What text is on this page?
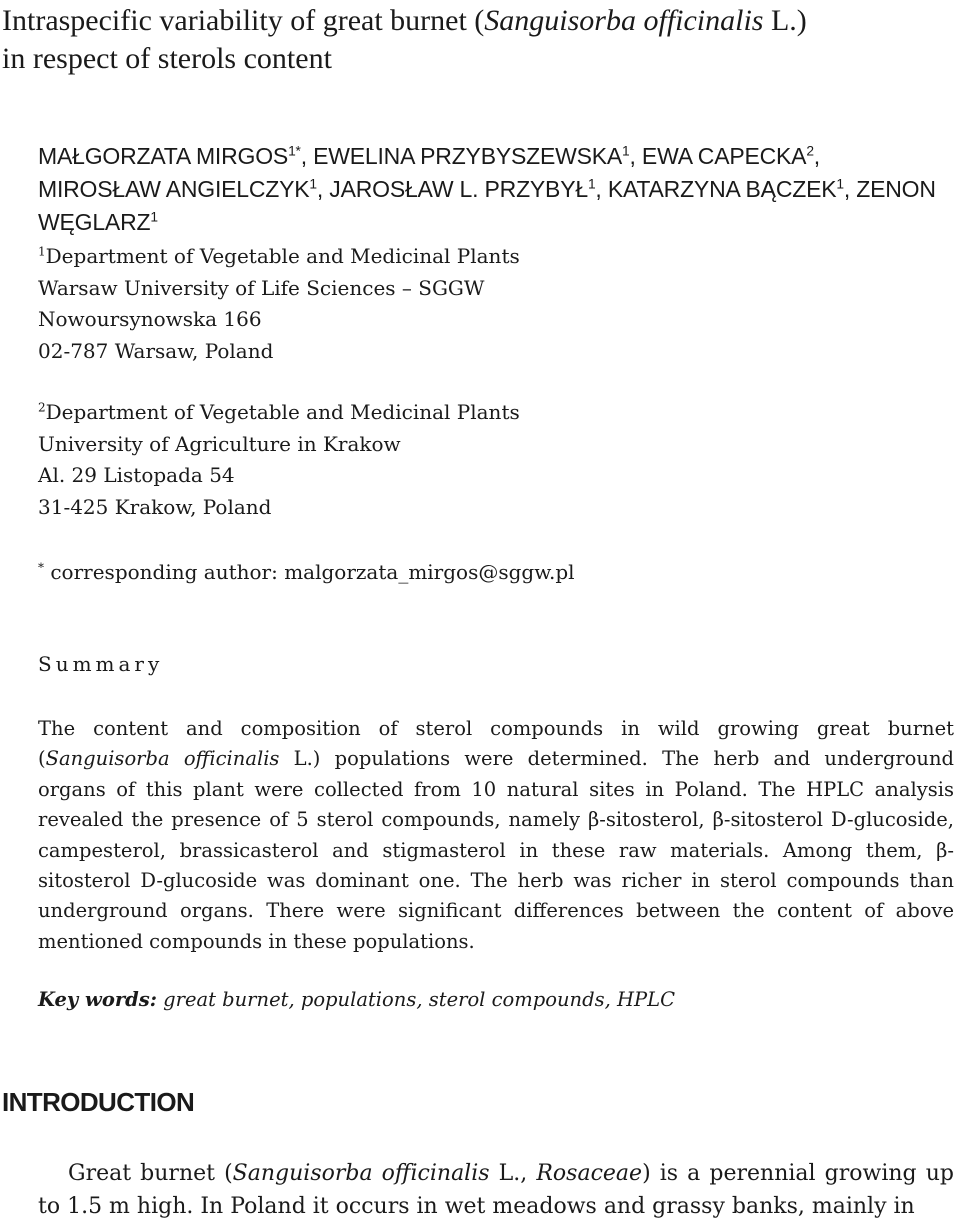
Intraspecific variability of great burnet (Sanguisorba officinalis L.)
in respect of sterols content
MAŁGORZATA $MIRGOS^{1*}$, EWELINA PRZYBYSZEWSKA$^1$, EWA CAPECKA$^2$, MIROSŁAW ANGIELCZYK$^1$, JAROSŁAW L. PRZYBYŁ$^1$, KATARZYNA BĄCZEK$^1$, ZENON WĘGLARZ$^1$
$^1$Department of Vegetable and Medicinal Plants
Warsaw University of Life Sciences – SGGW
Nowoursynowska 166
02-787 Warsaw, Poland
$^2$Department of Vegetable and Medicinal Plants
University of Agriculture in Krakow
Al. 29 Listopada 54
31-425 Krakow, Poland
* corresponding author: malgorzata_mirgos@sggw.pl
Summary

The content and composition of sterol compounds in wild growing great burnet (Sanguisorba officinalis L.) populations were determined. The herb and underground organs of this plant were collected from 10 natural sites in Poland. The HPLC analysis revealed the presence of 5 sterol compounds, namely β-sitosterol, β-sitosterol D-glucoside, campesterol, brassicasterol and stigmasterol in these raw materials. Among them, β-sitosterol D-glucoside was dominant one. The herb was richer in sterol compounds than underground organs. There were significant differences between the content of above mentioned compounds in these populations.

Key words: great burnet, populations, sterol compounds, HPLC

INTRODUCTION

Great burnet (Sanguisorba officinalis L., Rosaceae) is a perennial growing up to 1.5 m high. In Poland it occurs in wet meadows and grassy banks, mainly in
